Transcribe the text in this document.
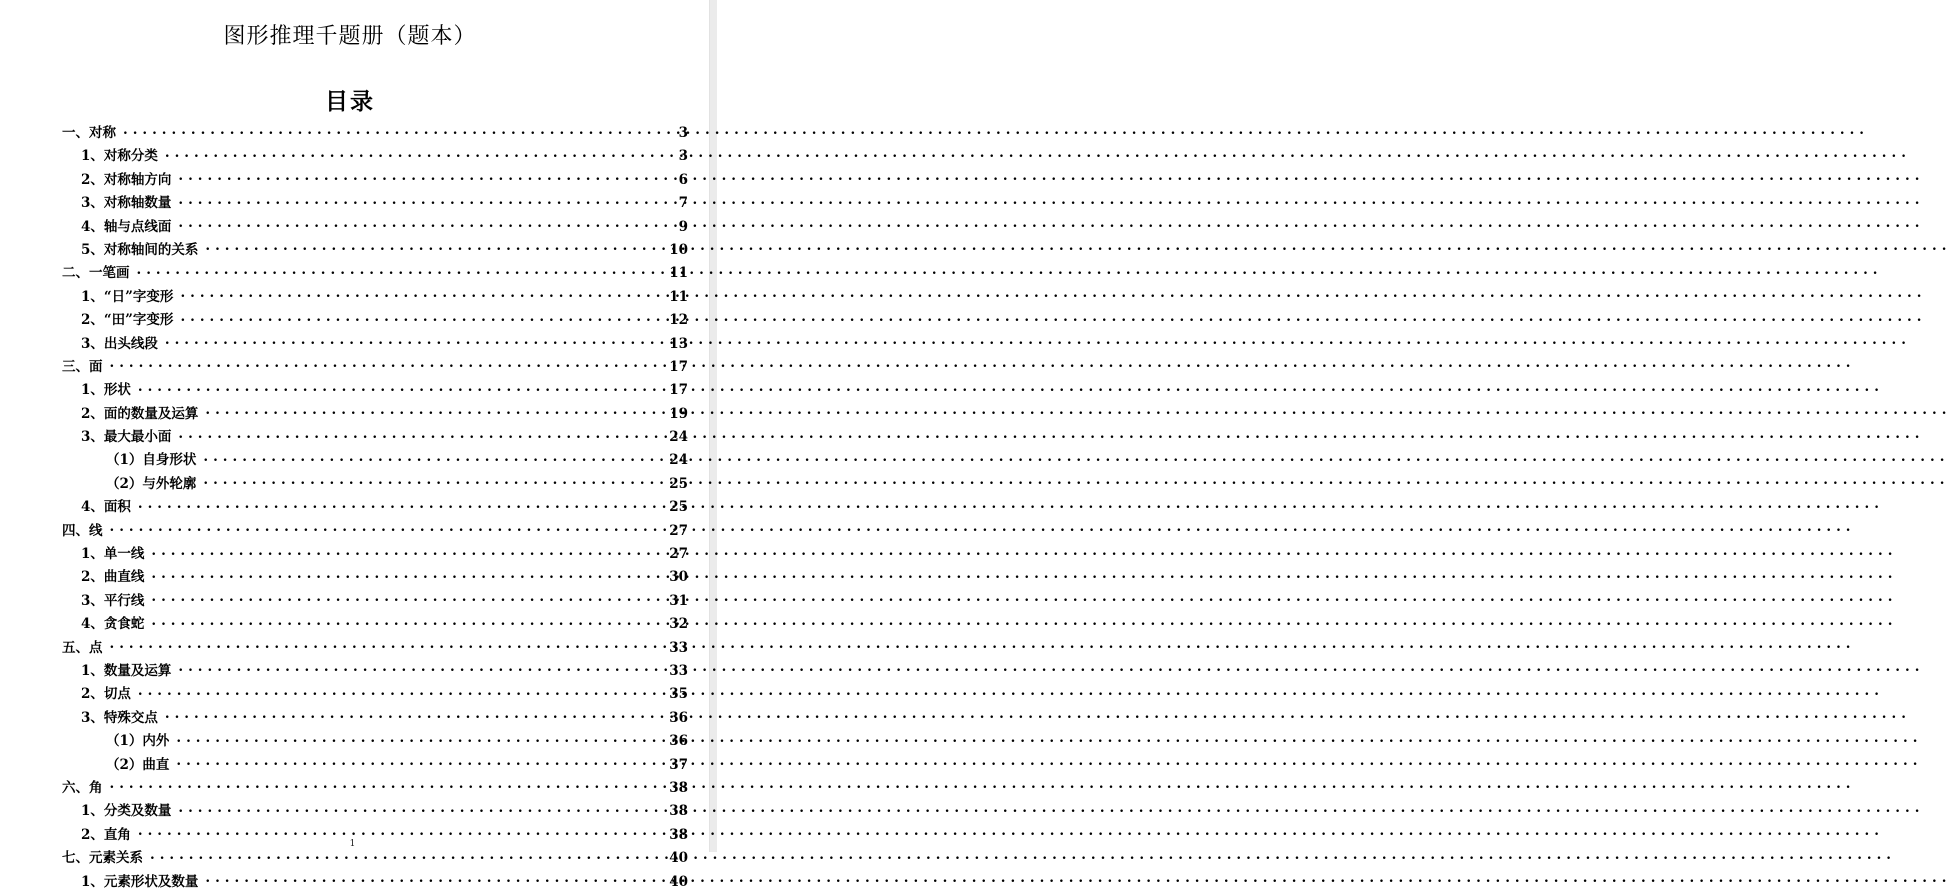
图形推理千题册（题本）
目录
一、对称 .....	3
1、对称分类 .....	3
2、对称轴方向 .....	6
3、对称轴数量 .....	7
4、轴与点线面 .....	9
5、对称轴间的关系 .....	10
二、一笔画 .....	11
1、“日”字变形 .....	11
2、“田”字变形 .....	12
3、出头线段 .....	13
三、面 .....	17
1、形状 .....	17
2、面的数量及运算 .....	19
3、最大最小面 .....	24
（1）自身形状 .....	24
（2）与外轮廓 .....	25
4、面积 .....	25
四、线 .....	27
1、单一线 .....	27
2、曲直线 .....	30
3、平行线 .....	31
4、贪食蛇 .....	32
五、点 .....	33
1、数量及运算 .....	33
2、切点 .....	35
3、特殊交点 .....	36
（1）内外 .....	36
（2）曲直 .....	37
六、角 .....	38
1、分类及数量 .....	38
2、直角 .....	38
七、元素关系 .....	40
1、元素形状及数量 .....	40
1
